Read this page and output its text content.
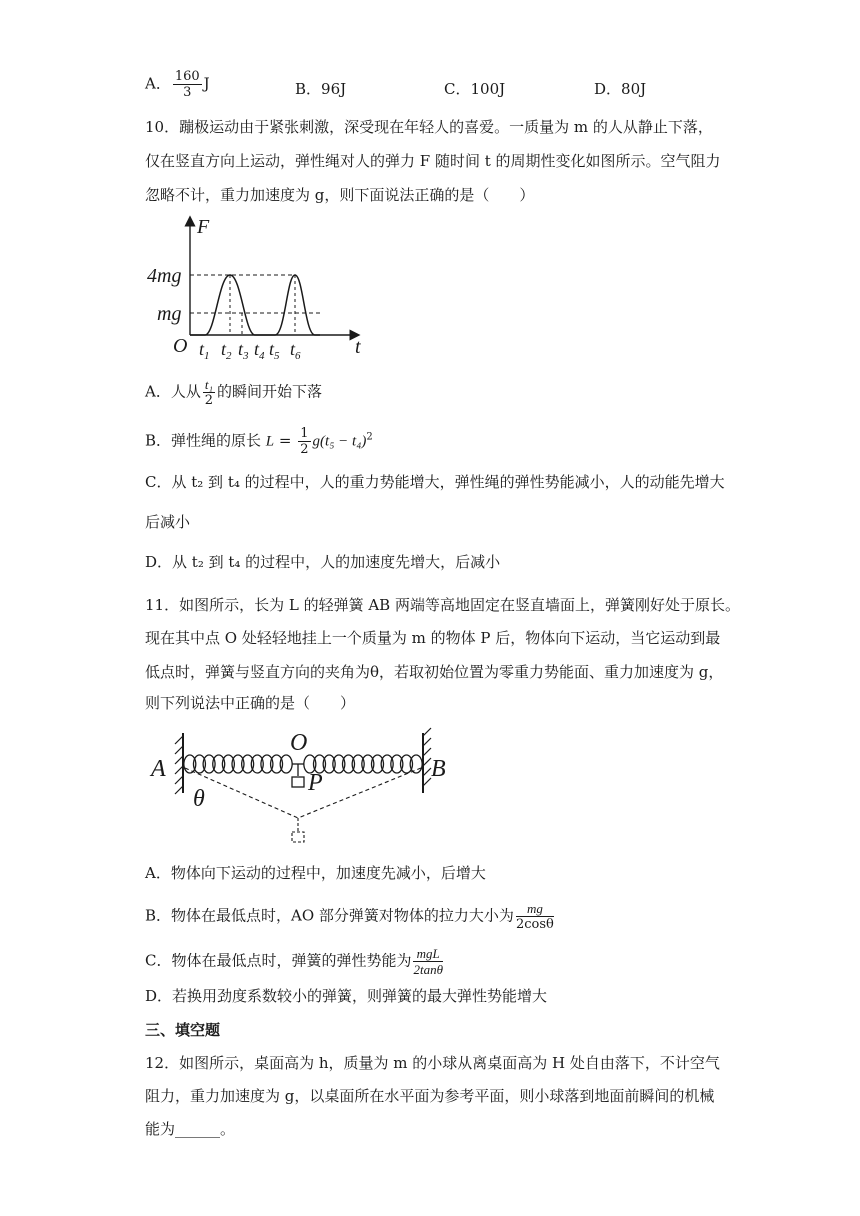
A． $\frac{160}{3}$ J	B．96J	C．100J	D．80J
10．蹦极运动由于紧张刺激，深受现在年轻人的喜爱。一质量为 m 的人从静止下落，
仅在竖直方向上运动，弹性绳对人的弹力 F 随时间 t 的周期性变化如图所示。空气阻力
忽略不计，重力加速度为 g，则下面说法正确的是（　　）
F
t
O
4mg
mg
$t_1$ $t_2$ $t_3$ $t_4$ $t_5$ $t_6$
A．人从 $\frac{\text{t₁}}{2}$ 的瞬间开始下落
B．弹性绳的原长 $L = \frac{1}{2} g(t_5 - t_4)^2$
C．从 t₂ 到 t₄ 的过程中，人的重力势能增大，弹性绳的弹性势能减小，人的动能先增大
后减小
D．从 t₂ 到 t₄ 的过程中，人的加速度先增大，后减小
11．如图所示，长为 L 的轻弹簧 AB 两端等高地固定在竖直墙面上，弹簧刚好处于原长。
现在其中点 O 处轻轻地挂上一个质量为 m 的物体 P 后，物体向下运动，当它运动到最
低点时，弹簧与竖直方向的夹角为θ，若取初始位置为零重力势能面、重力加速度为 g，
则下列说法中正确的是（　　）
A	B
O
P
θ
A．物体向下运动的过程中，加速度先减小，后增大
B．物体在最低点时，AO 部分弹簧对物体的拉力大小为 $\frac{mg}{2\cos\theta}$
C．物体在最低点时，弹簧的弹性势能为 $\frac{\text{mgL}}{2\tan\theta}$
D．若换用劲度系数较小的弹簧，则弹簧的最大弹性势能增大
三、填空题
12．如图所示，桌面高为 h，质量为 m 的小球从离桌面高为 H 处自由落下，不计空气
阻力，重力加速度为 g，以桌面所在水平面为参考平面，则小球落到地面前瞬间的机械
能为______。
